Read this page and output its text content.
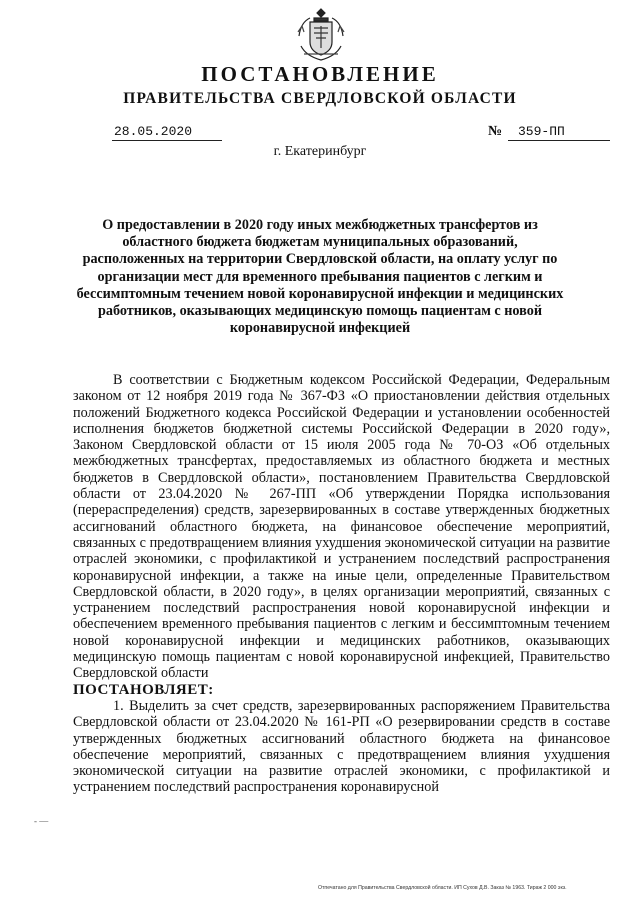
ПОСТАНОВЛЕНИЕ
ПРАВИТЕЛЬСТВА СВЕРДЛОВСКОЙ ОБЛАСТИ
28.05.2020	№	359-ПП
г. Екатеринбург
О предоставлении в 2020 году иных межбюджетных трансфертов из областного бюджета бюджетам муниципальных образований, расположенных на территории Свердловской области, на оплату услуг по организации мест для временного пребывания пациентов с легким и бессимптомным течением новой коронавирусной инфекции и медицинских работников, оказывающих медицинскую помощь пациентам с новой коронавирусной инфекцией

В соответствии с Бюджетным кодексом Российской Федерации, Федеральным законом от 12 ноября 2019 года № 367-ФЗ «О приостановлении действия отдельных положений Бюджетного кодекса Российской Федерации и установлении особенностей исполнения бюджетов бюджетной системы Российской Федерации в 2020 году», Законом Свердловской области от 15 июля 2005 года № 70-ОЗ «Об отдельных межбюджетных трансфертах, предоставляемых из областного бюджета и местных бюджетов в Свердловской области», постановлением Правительства Свердловской области от 23.04.2020 № 267-ПП «Об утверждении Порядка использования (перераспределения) средств, зарезервированных в составе утвержденных бюджетных ассигнований областного бюджета, на финансовое обеспечение мероприятий, связанных с предотвращением влияния ухудшения экономической ситуации на развитие отраслей экономики, с профилактикой и устранением последствий распространения коронавирусной инфекции, а также на иные цели, определенные Правительством Свердловской области, в 2020 году», в целях организации мероприятий, связанных с устранением последствий распространения новой коронавирусной инфекции и обеспечением временного пребывания пациентов с легким и бессимптомным течением новой коронавирусной инфекции и медицинских работников, оказывающих медицинскую помощь пациентам с новой коронавирусной инфекцией, Правительство Свердловской области

ПОСТАНОВЛЯЕТ:

1. Выделить за счет средств, зарезервированных распоряжением Правительства Свердловской области от 23.04.2020 № 161-РП «О резервировании средств в составе утвержденных бюджетных ассигнований областного бюджета на финансовое обеспечение мероприятий, связанных с предотвращением влияния ухудшения экономической ситуации на развитие отраслей экономики, с профилактикой и устранением последствий распространения коронавирусной

- —
Отпечатано для Правительства Свердловской области. ИП Сухов Д.В. Заказ № 1963. Тираж 2 000 экз.
